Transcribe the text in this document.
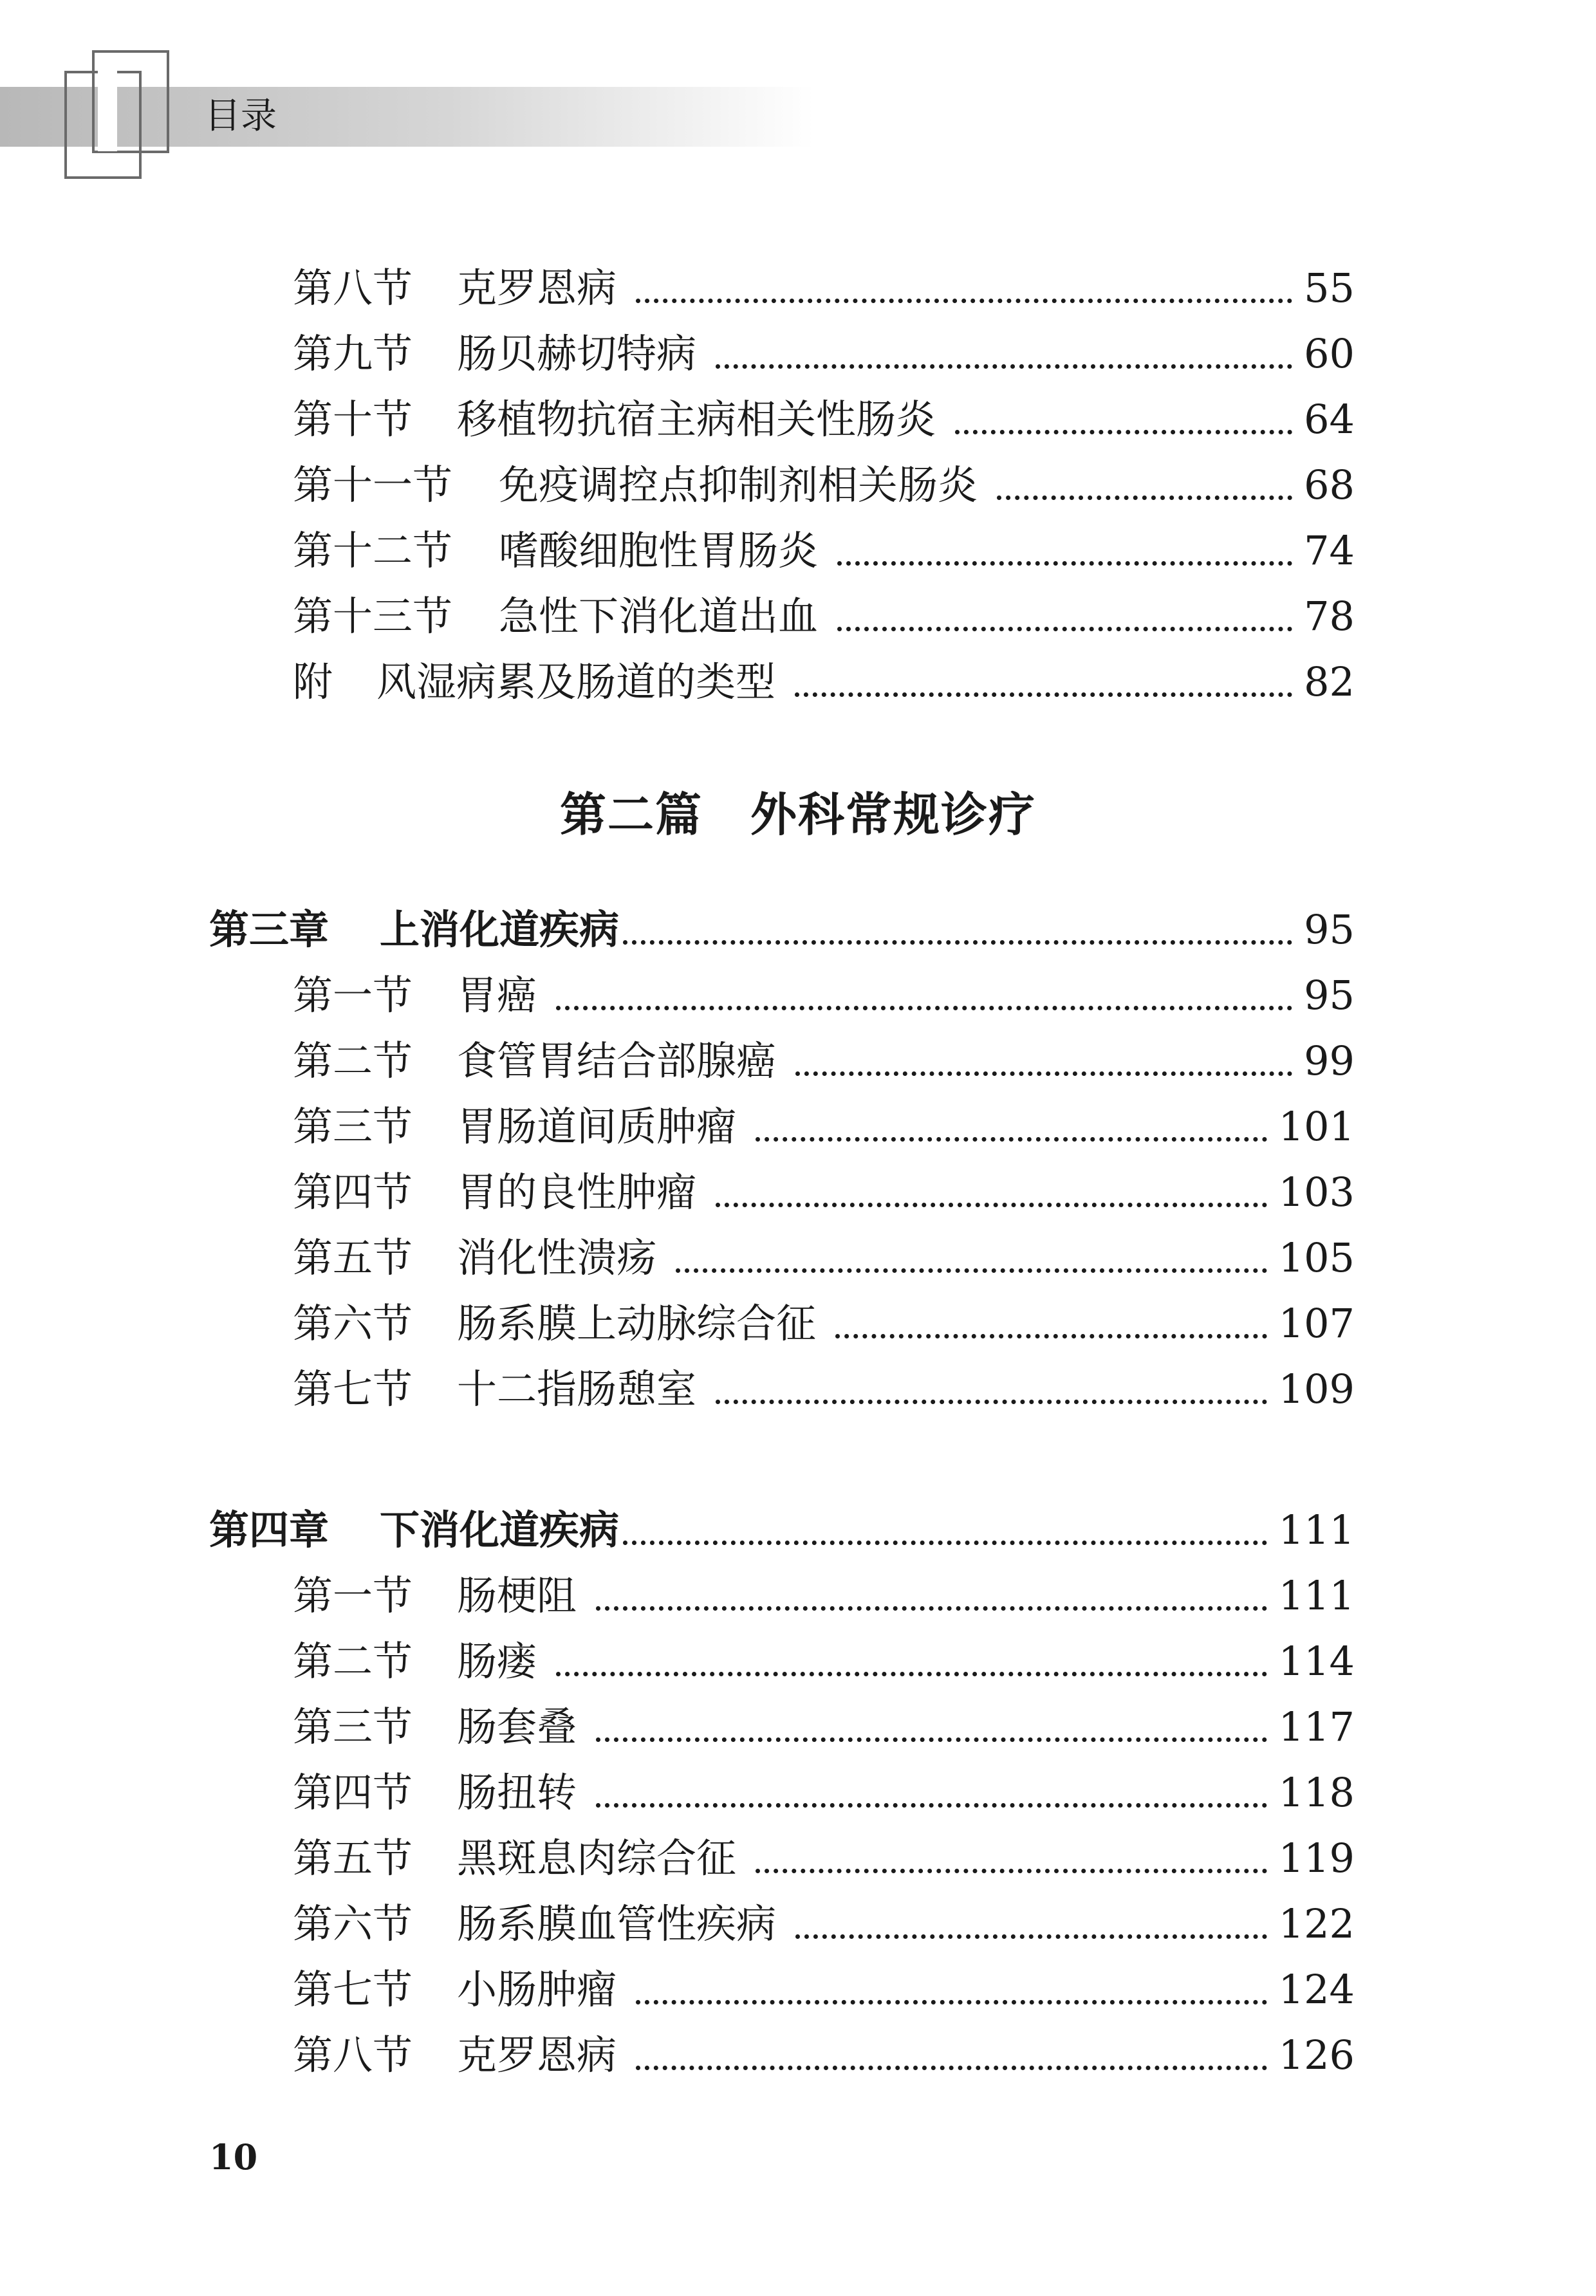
目录
第八节	克罗恩病	55
第九节	肠贝赫切特病	60
第十节	移植物抗宿主病相关性肠炎	64
第十一节	免疫调控点抑制剂相关肠炎	68
第十二节	嗜酸细胞性胃肠炎	74
第十三节	急性下消化道出血	78
附	风湿病累及肠道的类型	82
第二篇　外科常规诊疗
第三章	上消化道疾病	95
第一节	胃癌	95
第二节	食管胃结合部腺癌	99
第三节	胃肠道间质肿瘤	101
第四节	胃的良性肿瘤	103
第五节	消化性溃疡	105
第六节	肠系膜上动脉综合征	107
第七节	十二指肠憩室	109
第四章	下消化道疾病	111
第一节	肠梗阻	111
第二节	肠瘘	114
第三节	肠套叠	117
第四节	肠扭转	118
第五节	黑斑息肉综合征	119
第六节	肠系膜血管性疾病	122
第七节	小肠肿瘤	124
第八节	克罗恩病	126
10
